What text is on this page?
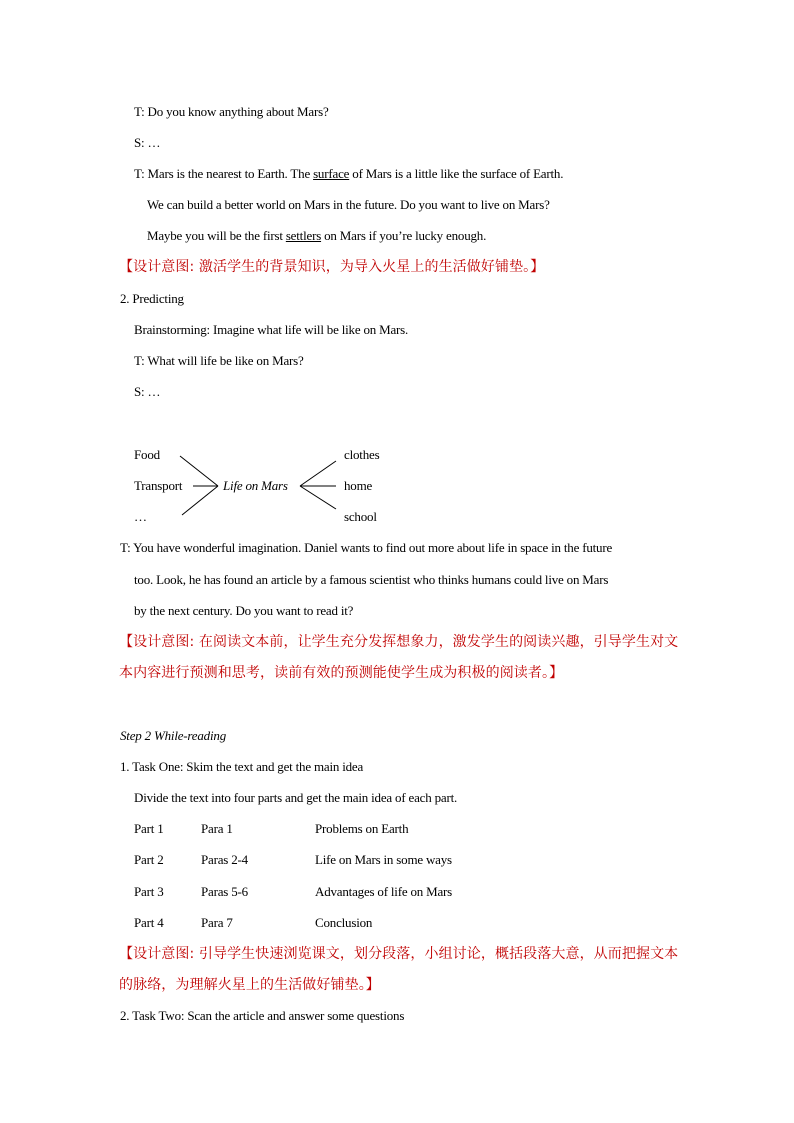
T: Do you know anything about Mars?
S: …
T: Mars is the nearest to Earth. The surface of Mars is a little like the surface of Earth.
We can build a better world on Mars in the future. Do you want to live on Mars?
Maybe you will be the first settlers on Mars if you’re lucky enough.
【设计意图: 激活学生的背景知识，为导入火星上的生活做好铺垫。】
2. Predicting
Brainstorming: Imagine what life will be like on Mars.
T: What will life be like on Mars?
S: …
Food
Transport
…
Life on Mars
clothes
home
school
T: You have wonderful imagination. Daniel wants to find out more about life in space in the future
too. Look, he has found an article by a famous scientist who thinks humans could live on Mars
by the next century. Do you want to read it?
【设计意图: 在阅读文本前，让学生充分发挥想象力，激发学生的阅读兴趣，引导学生对文
本内容进行预测和思考，读前有效的预测能使学生成为积极的阅读者。】
Step 2 While-reading
1. Task One: Skim the text and get the main idea
Divide the text into four parts and get the main idea of each part.
Part 1	Para 1	Problems on Earth
Part 2	Paras 2-4	Life on Mars in some ways
Part 3	Paras 5-6	Advantages of life on Mars
Part 4	Para 7	Conclusion
【设计意图: 引导学生快速浏览课文，划分段落，小组讨论，概括段落大意，从而把握文本
的脉络，为理解火星上的生活做好铺垫。】
2. Task Two: Scan the article and answer some questions
